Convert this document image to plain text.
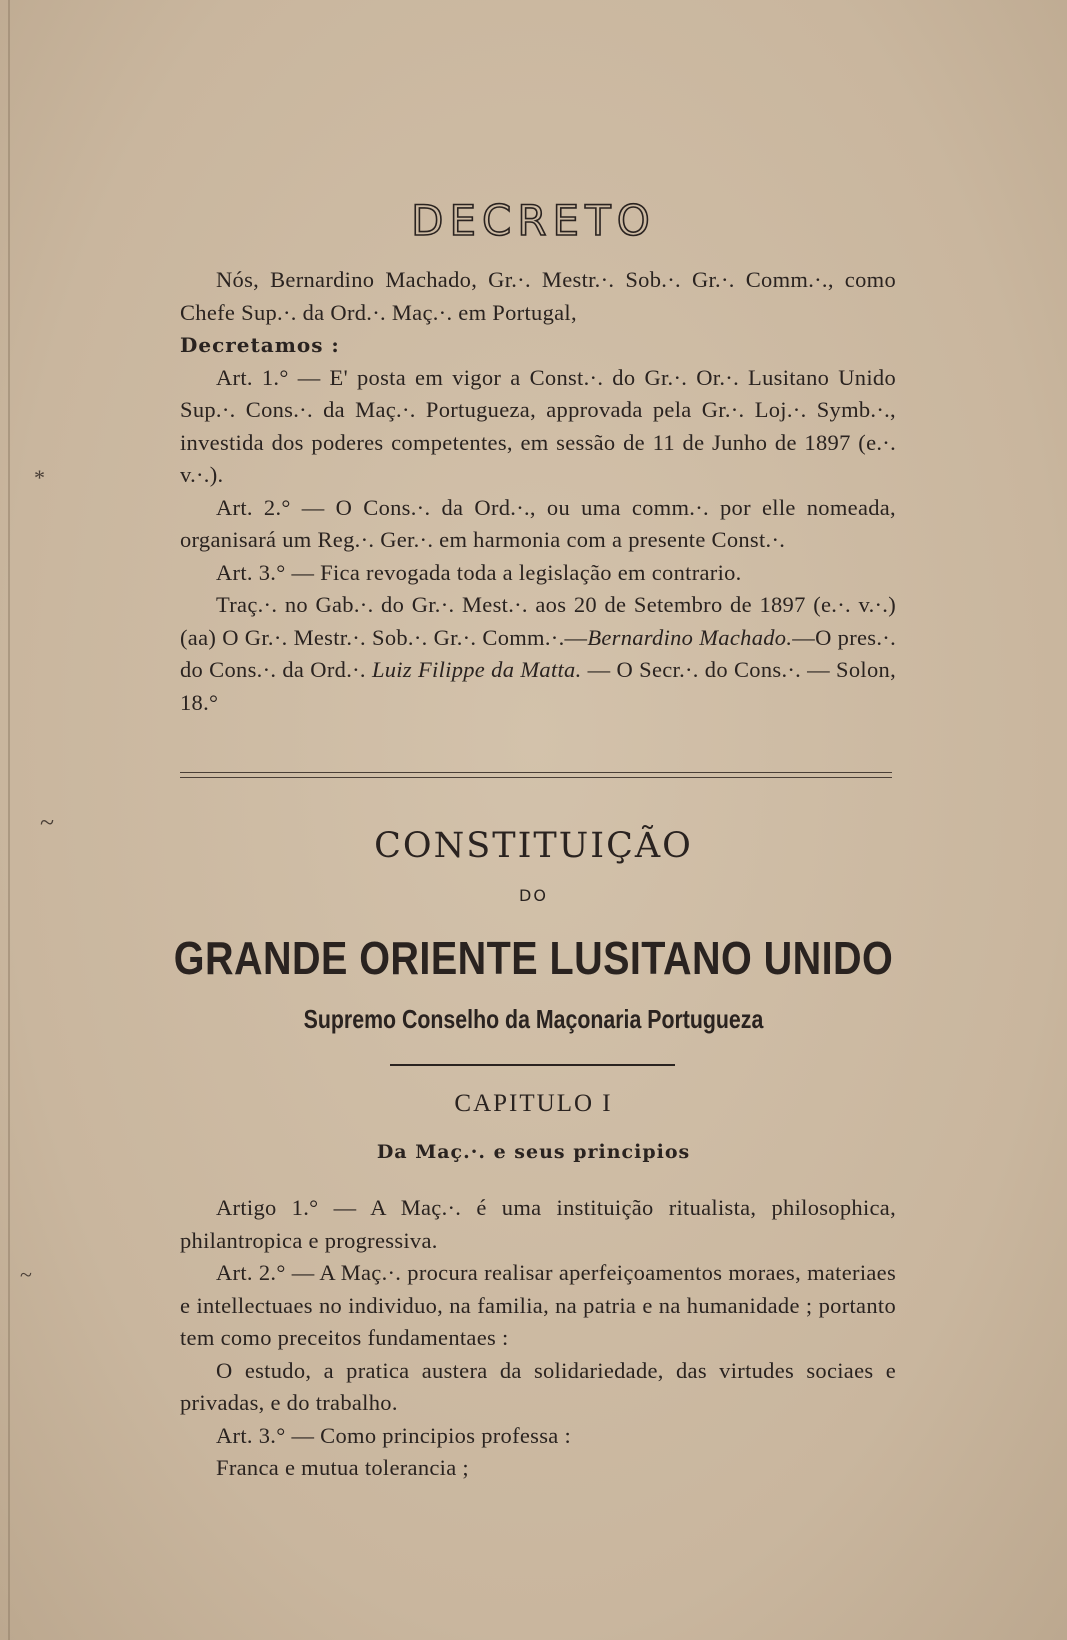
*
~
~
DECRETO

Nós, Bernardino Machado, Gr.·. Mestr.·. Sob.·. Gr.·. Comm.·., como Chefe Sup.·. da Ord.·. Maç.·. em Portugal,

Decretamos :

Art. 1.° — E' posta em vigor a Const.·. do Gr.·. Or.·. Lusitano Unido Sup.·. Cons.·. da Maç.·. Portugueza, approvada pela Gr.·. Loj.·. Symb.·., investida dos poderes competentes, em sessão de 11 de Junho de 1897 (e.·. v.·.).

Art. 2.° — O Cons.·. da Ord.·., ou uma comm.·. por elle nomeada, organisará um Reg.·. Ger.·. em harmonia com a presente Const.·.

Art. 3.° — Fica revogada toda a legislação em contrario.

Traç.·. no Gab.·. do Gr.·. Mest.·. aos 20 de Setembro de 1897 (e.·. v.·.) (aa) O Gr.·. Mestr.·. Sob.·. Gr.·. Comm.·.—Bernardino Machado.—O pres.·. do Cons.·. da Ord.·. Luiz Filippe da Matta. — O Secr.·. do Cons.·. — Solon, 18.°

CONSTITUIÇÃO
DO
GRANDE ORIENTE LUSITANO UNIDO
Supremo Conselho da Maçonaria Portugueza
CAPITULO I
Da Maç.·. e seus principios

Artigo 1.° — A Maç.·. é uma instituição ritualista, philosophica, philantropica e progressiva.

Art. 2.° — A Maç.·. procura realisar aperfeiçoamentos moraes, materiaes e intellectuaes no individuo, na familia, na patria e na humanidade ; portanto tem como preceitos fundamentaes :

O estudo, a pratica austera da solidariedade, das virtudes sociaes e privadas, e do trabalho.

Art. 3.° — Como principios professa :

Franca e mutua tolerancia ;
